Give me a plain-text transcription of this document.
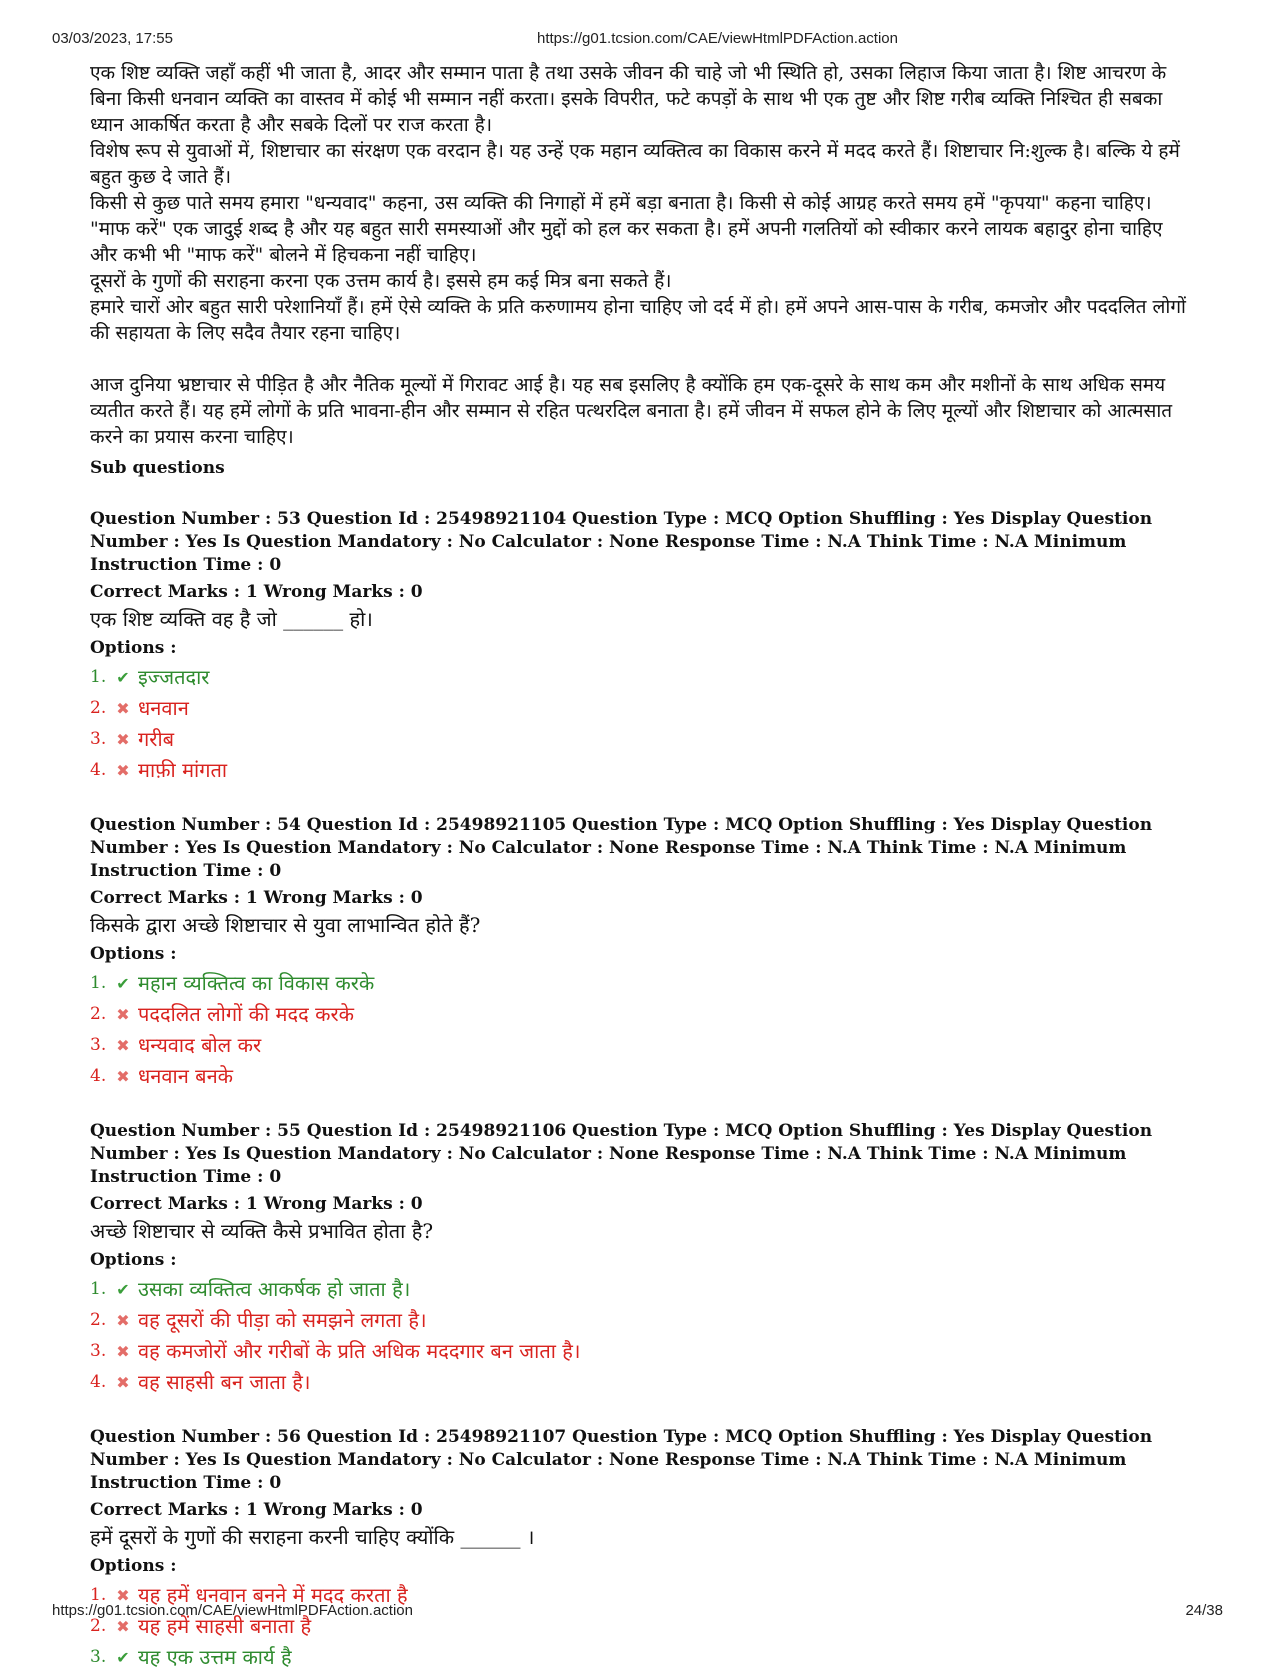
03/03/2023, 17:55	https://g01.tcsion.com/CAE/viewHtmlPDFAction.action

एक शिष्ट व्यक्ति जहाँ कहीं भी जाता है, आदर और सम्मान पाता है तथा उसके जीवन की चाहे जो भी स्थिति हो, उसका लिहाज किया जाता है। शिष्ट आचरण के बिना किसी धनवान व्यक्ति का वास्तव में कोई भी सम्मान नहीं करता। इसके विपरीत, फटे कपड़ों के साथ भी एक तुष्ट और शिष्ट गरीब व्यक्ति निश्चित ही सबका ध्यान आकर्षित करता है और सबके दिलों पर राज करता है।

विशेष रूप से युवाओं में, शिष्टाचार का संरक्षण एक वरदान है। यह उन्हें एक महान व्यक्तित्व का विकास करने में मदद करते हैं। शिष्टाचार नि:शुल्क है। बल्कि ये हमें बहुत कुछ दे जाते हैं।

किसी से कुछ पाते समय हमारा "धन्यवाद" कहना, उस व्यक्ति की निगाहों में हमें बड़ा बनाता है। किसी से कोई आग्रह करते समय हमें "कृपया" कहना चाहिए। "माफ करें" एक जादुई शब्द है और यह बहुत सारी समस्याओं और मुद्दों को हल कर सकता है। हमें अपनी गलतियों को स्वीकार करने लायक बहादुर होना चाहिए और कभी भी "माफ करें" बोलने में हिचकना नहीं चाहिए।

दूसरों के गुणों की सराहना करना एक उत्तम कार्य है। इससे हम कई मित्र बना सकते हैं।

हमारे चारों ओर बहुत सारी परेशानियाँ हैं। हमें ऐसे व्यक्ति के प्रति करुणामय होना चाहिए जो दर्द में हो। हमें अपने आस-पास के गरीब, कमजोर और पददलित लोगों की सहायता के लिए सदैव तैयार रहना चाहिए।

आज दुनिया भ्रष्टाचार से पीड़ित है और नैतिक मूल्यों में गिरावट आई है। यह सब इसलिए है क्योंकि हम एक-दूसरे के साथ कम और मशीनों के साथ अधिक समय व्यतीत करते हैं। यह हमें लोगों के प्रति भावना-हीन और सम्मान से रहित पत्थरदिल बनाता है। हमें जीवन में सफल होने के लिए मूल्यों और शिष्टाचार को आत्मसात करने का प्रयास करना चाहिए।

Sub questions
Question Number : 53 Question Id : 25498921104 Question Type : MCQ Option Shuffling : Yes Display Question Number : Yes Is Question Mandatory : No Calculator : None Response Time : N.A Think Time : N.A Minimum Instruction Time : 0
Correct Marks : 1 Wrong Marks : 0
एक शिष्ट व्यक्ति वह है जो ______ हो।
Options :
1. ✔ इज्जतदार
2. ✖ धनवान
3. ✖ गरीब
4. ✖ माफ़ी मांगता
Question Number : 54 Question Id : 25498921105 Question Type : MCQ Option Shuffling : Yes Display Question Number : Yes Is Question Mandatory : No Calculator : None Response Time : N.A Think Time : N.A Minimum Instruction Time : 0
Correct Marks : 1 Wrong Marks : 0
किसके द्वारा अच्छे शिष्टाचार से युवा लाभान्वित होते हैं?
Options :
1. ✔ महान व्यक्तित्व का विकास करके
2. ✖ पददलित लोगों की मदद करके
3. ✖ धन्यवाद बोल कर
4. ✖ धनवान बनके
Question Number : 55 Question Id : 25498921106 Question Type : MCQ Option Shuffling : Yes Display Question Number : Yes Is Question Mandatory : No Calculator : None Response Time : N.A Think Time : N.A Minimum Instruction Time : 0
Correct Marks : 1 Wrong Marks : 0
अच्छे शिष्टाचार से व्यक्ति कैसे प्रभावित होता है?
Options :
1. ✔ उसका व्यक्तित्व आकर्षक हो जाता है।
2. ✖ वह दूसरों की पीड़ा को समझने लगता है।
3. ✖ वह कमजोरों और गरीबों के प्रति अधिक मददगार बन जाता है।
4. ✖ वह साहसी बन जाता है।
Question Number : 56 Question Id : 25498921107 Question Type : MCQ Option Shuffling : Yes Display Question Number : Yes Is Question Mandatory : No Calculator : None Response Time : N.A Think Time : N.A Minimum Instruction Time : 0
Correct Marks : 1 Wrong Marks : 0
हमें दूसरों के गुणों की सराहना करनी चाहिए क्योंकि ______ ।
Options :
1. ✖ यह हमें धनवान बनने में मदद करता है
2. ✖ यह हमें साहसी बनाता है
3. ✔ यह एक उत्तम कार्य है
https://g01.tcsion.com/CAE/viewHtmlPDFAction.action	24/38
